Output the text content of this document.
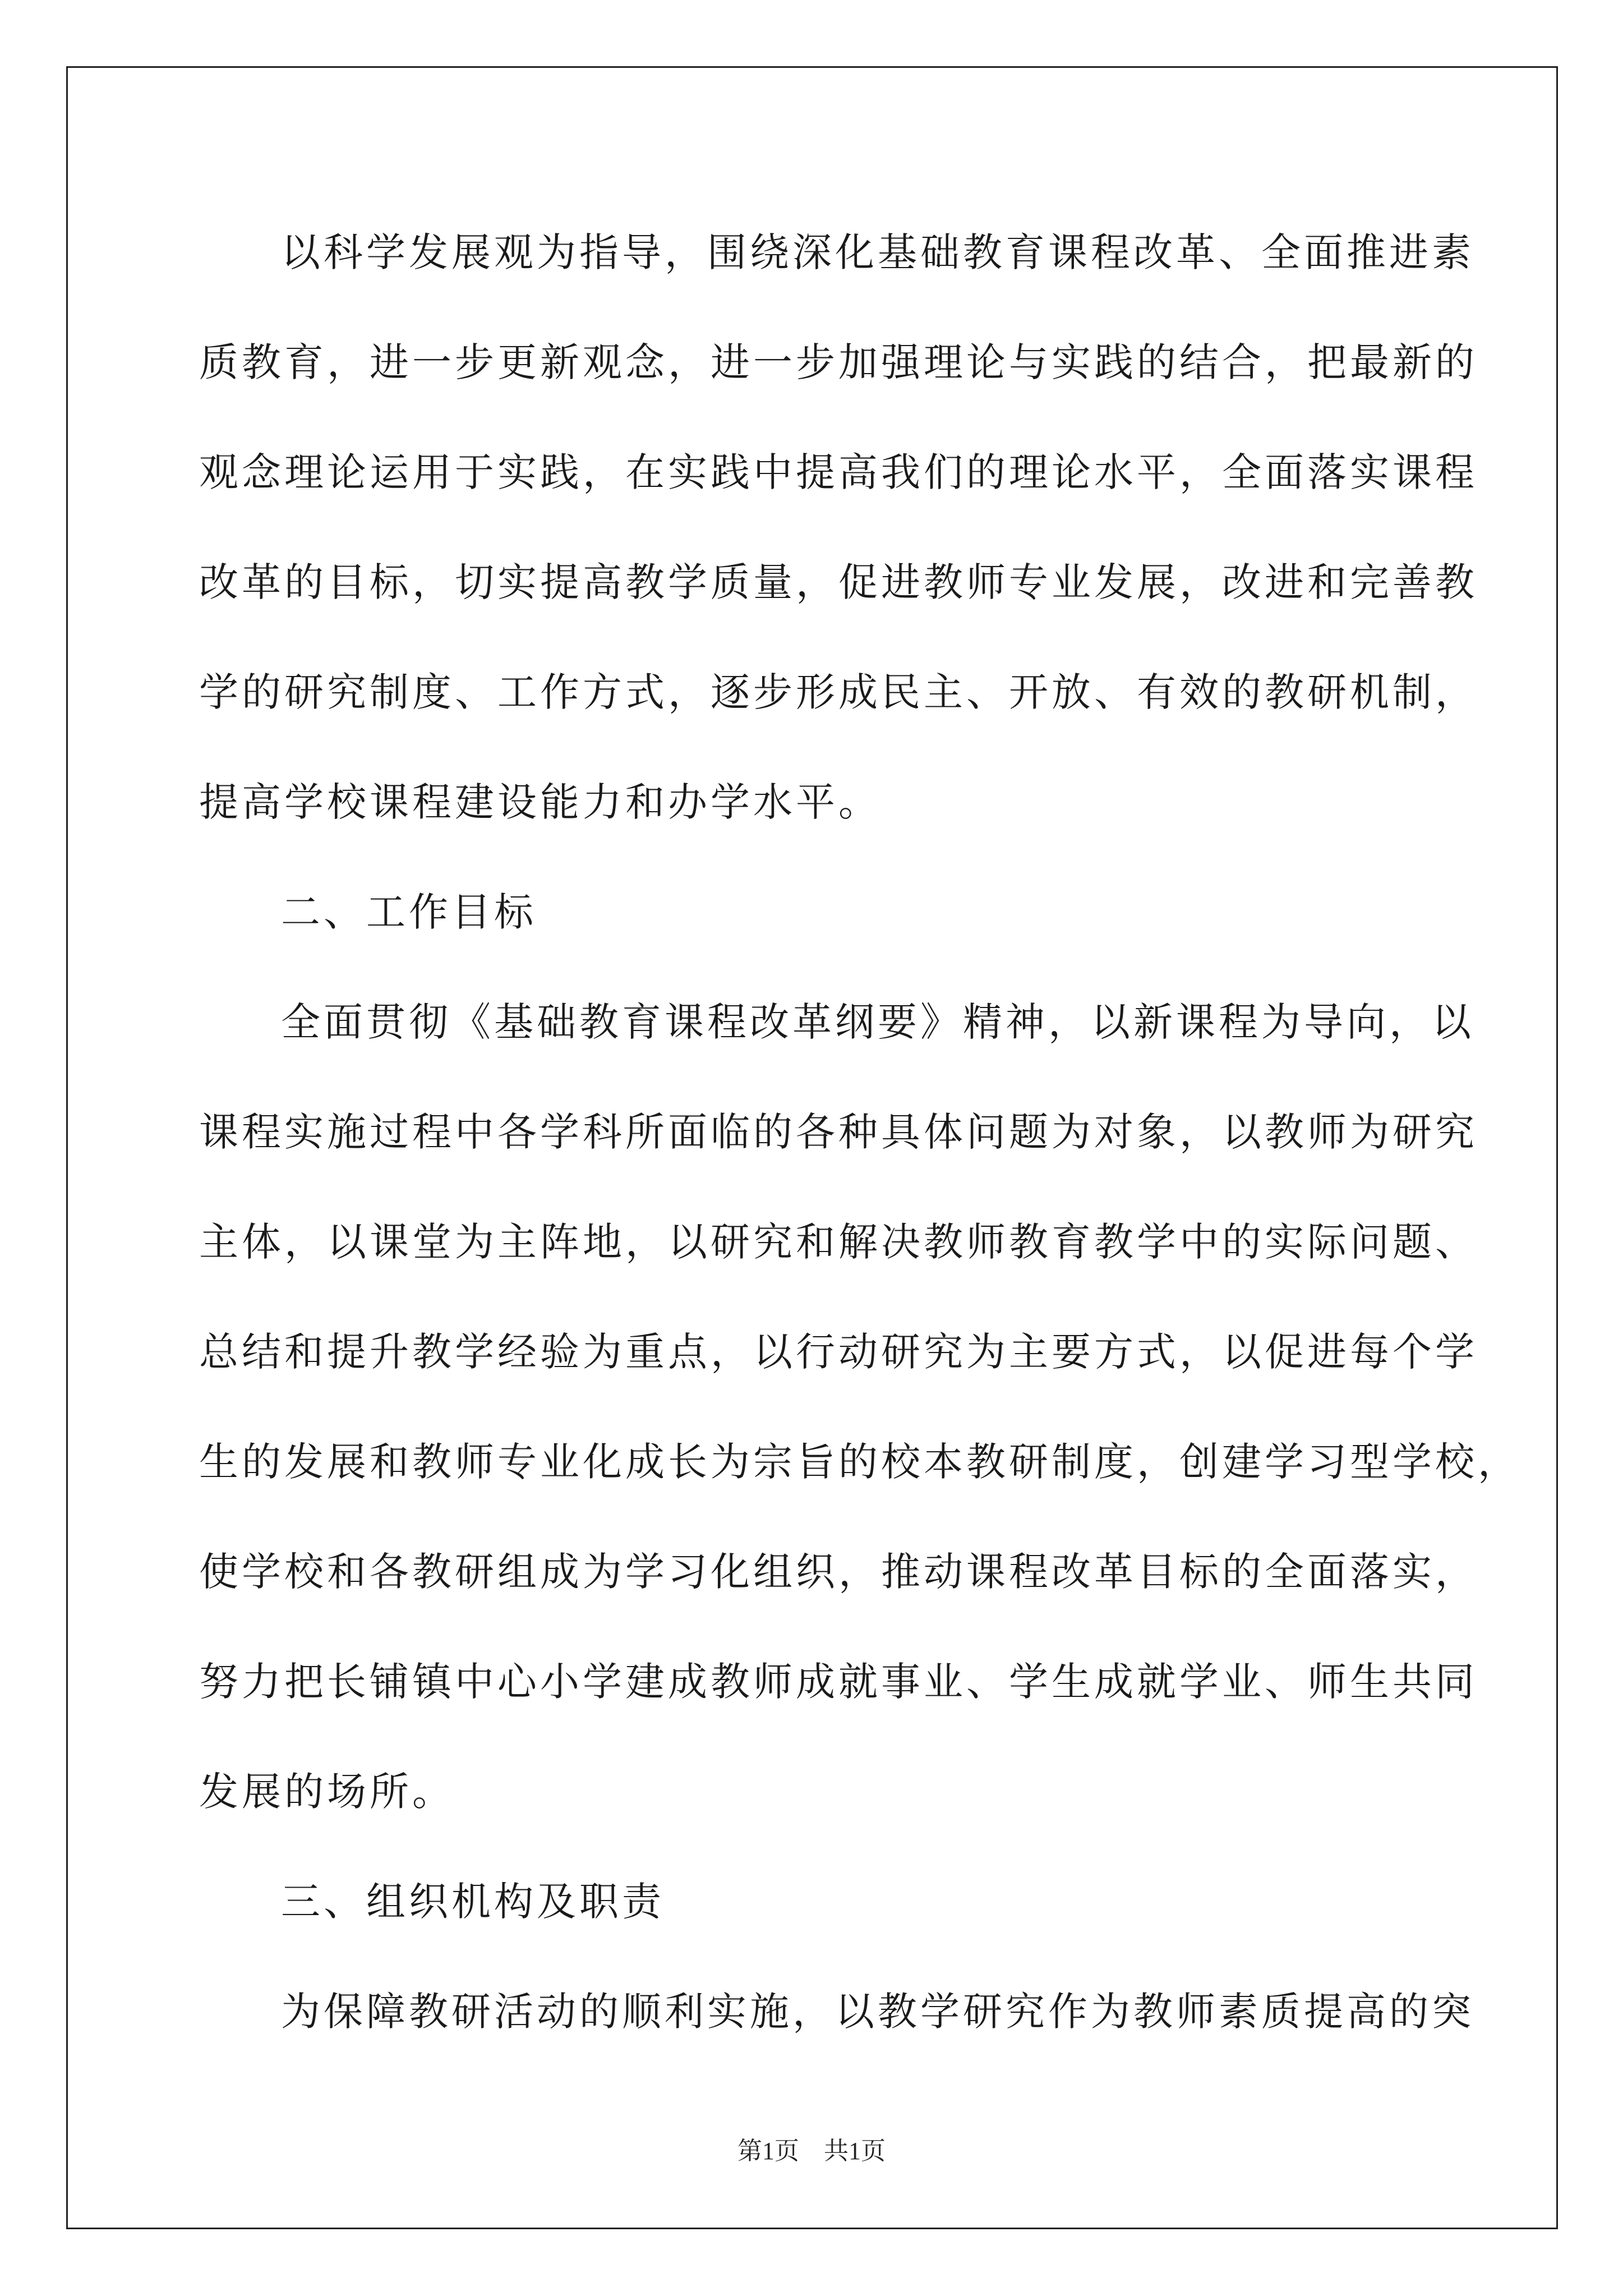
以科学发展观为指导，围绕深化基础教育课程改革、全面推进素
质教育，进一步更新观念，进一步加强理论与实践的结合，把最新的
观念理论运用于实践，在实践中提高我们的理论水平，全面落实课程
改革的目标，切实提高教学质量，促进教师专业发展，改进和完善教
学的研究制度、工作方式，逐步形成民主、开放、有效的教研机制，
提高学校课程建设能力和办学水平。
二、工作目标
全面贯彻《基础教育课程改革纲要》精神，以新课程为导向，以
课程实施过程中各学科所面临的各种具体问题为对象，以教师为研究
主体，以课堂为主阵地，以研究和解决教师教育教学中的实际问题、
总结和提升教学经验为重点，以行动研究为主要方式，以促进每个学
生的发展和教师专业化成长为宗旨的校本教研制度，创建学习型学校，
使学校和各教研组成为学习化组织，推动课程改革目标的全面落实，
努力把长铺镇中心小学建成教师成就事业、学生成就学业、师生共同
发展的场所。
三、组织机构及职责
为保障教研活动的顺利实施，以教学研究作为教师素质提高的突
第1页　共1页
